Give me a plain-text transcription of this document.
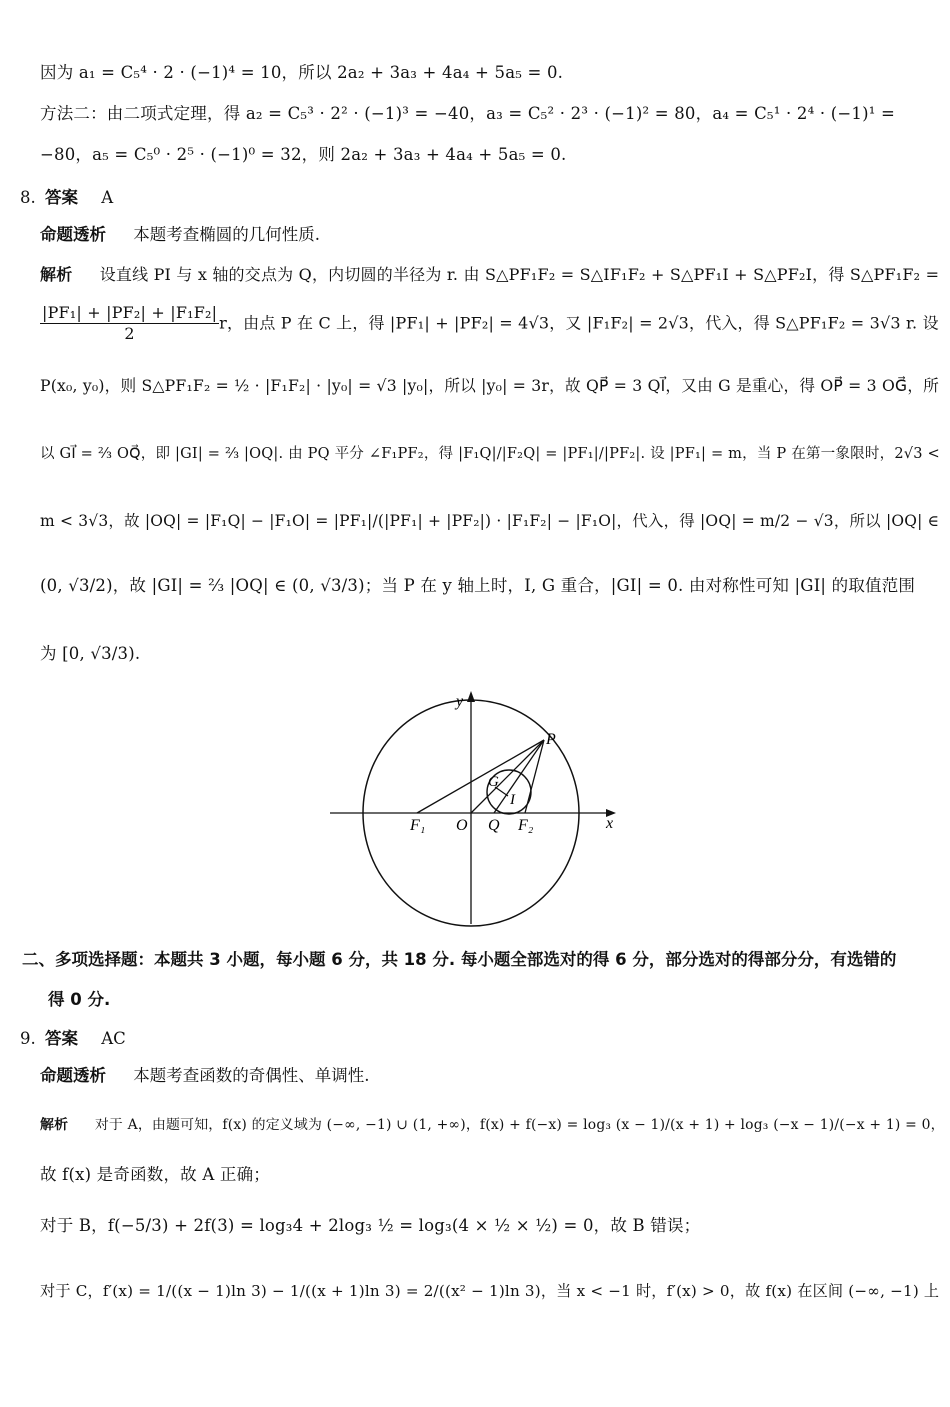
因为 a₁ = C₅⁴ · 2 · (−1)⁴ = 10，所以 2a₂ + 3a₃ + 4a₄ + 5a₅ = 0.
方法二：由二项式定理，得 a₂ = C₅³ · 2² · (−1)³ = −40，a₃ = C₅² · 2³ · (−1)² = 80，a₄ = C₅¹ · 2⁴ · (−1)¹ =
−80，a₅ = C₅⁰ · 2⁵ · (−1)⁰ = 32，则 2a₂ + 3a₃ + 4a₄ + 5a₅ = 0.
8. 答案 A
命题透析 本题考查椭圆的几何性质.
解析 设直线 PI 与 x 轴的交点为 Q，内切圆的半径为 r. 由 S△PF₁F₂ = S△IF₁F₂ + S△PF₁I + S△PF₂I，得 S△PF₁F₂ =
$\frac{\text{|PF₁| + |PF₂| + |F₁F₂|}}{2}$ r，由点 P 在 C 上，得 |PF₁| + |PF₂| = 4√3，又 |F₁F₂| = 2√3，代入，得 S△PF₁F₂ = 3√3 r. 设
P(x₀, y₀)，则 S△PF₁F₂ = ½ · |F₁F₂| · |y₀| = √3 |y₀|，所以 |y₀| = 3r，故 QP⃗ = 3 QI⃗，又由 G 是重心，得 OP⃗ = 3 OG⃗，所
以 GI⃗ = ⅔ OQ⃗，即 |GI| = ⅔ |OQ|. 由 PQ 平分 ∠F₁PF₂，得 |F₁Q|/|F₂Q| = |PF₁|/|PF₂|. 设 |PF₁| = m，当 P 在第一象限时，2√3 <
m < 3√3，故 |OQ| = |F₁Q| − |F₁O| = |PF₁|/(|PF₁| + |PF₂|) · |F₁F₂| − |F₁O|，代入，得 |OQ| = m/2 − √3，所以 |OQ| ∈
(0, √3/2)，故 |GI| = ⅔ |OQ| ∈ (0, √3/3)；当 P 在 y 轴上时，I, G 重合，|GI| = 0. 由对称性可知 |GI| 的取值范围
为 [0, √3/3).
y
x
P
G
I
F₁ O Q F₂
二、多项选择题：本题共 3 小题，每小题 6 分，共 18 分. 每小题全部选对的得 6 分，部分选对的得部分分，有选错的
得 0 分.
9. 答案 AC
命题透析 本题考查函数的奇偶性、单调性.
解析 对于 A，由题可知，f(x) 的定义域为 (−∞, −1) ∪ (1, +∞)，f(x) + f(−x) = log₃ (x − 1)/(x + 1) + log₃ (−x − 1)/(−x + 1) = 0，
故 f(x) 是奇函数，故 A 正确；
对于 B，f(−5/3) + 2f(3) = log₃4 + 2log₃ ½ = log₃(4 × ½ × ½) = 0，故 B 错误；
对于 C，f′(x) = 1/((x − 1)ln 3) − 1/((x + 1)ln 3) = 2/((x² − 1)ln 3)，当 x < −1 时，f′(x) > 0，故 f(x) 在区间 (−∞, −1) 上
